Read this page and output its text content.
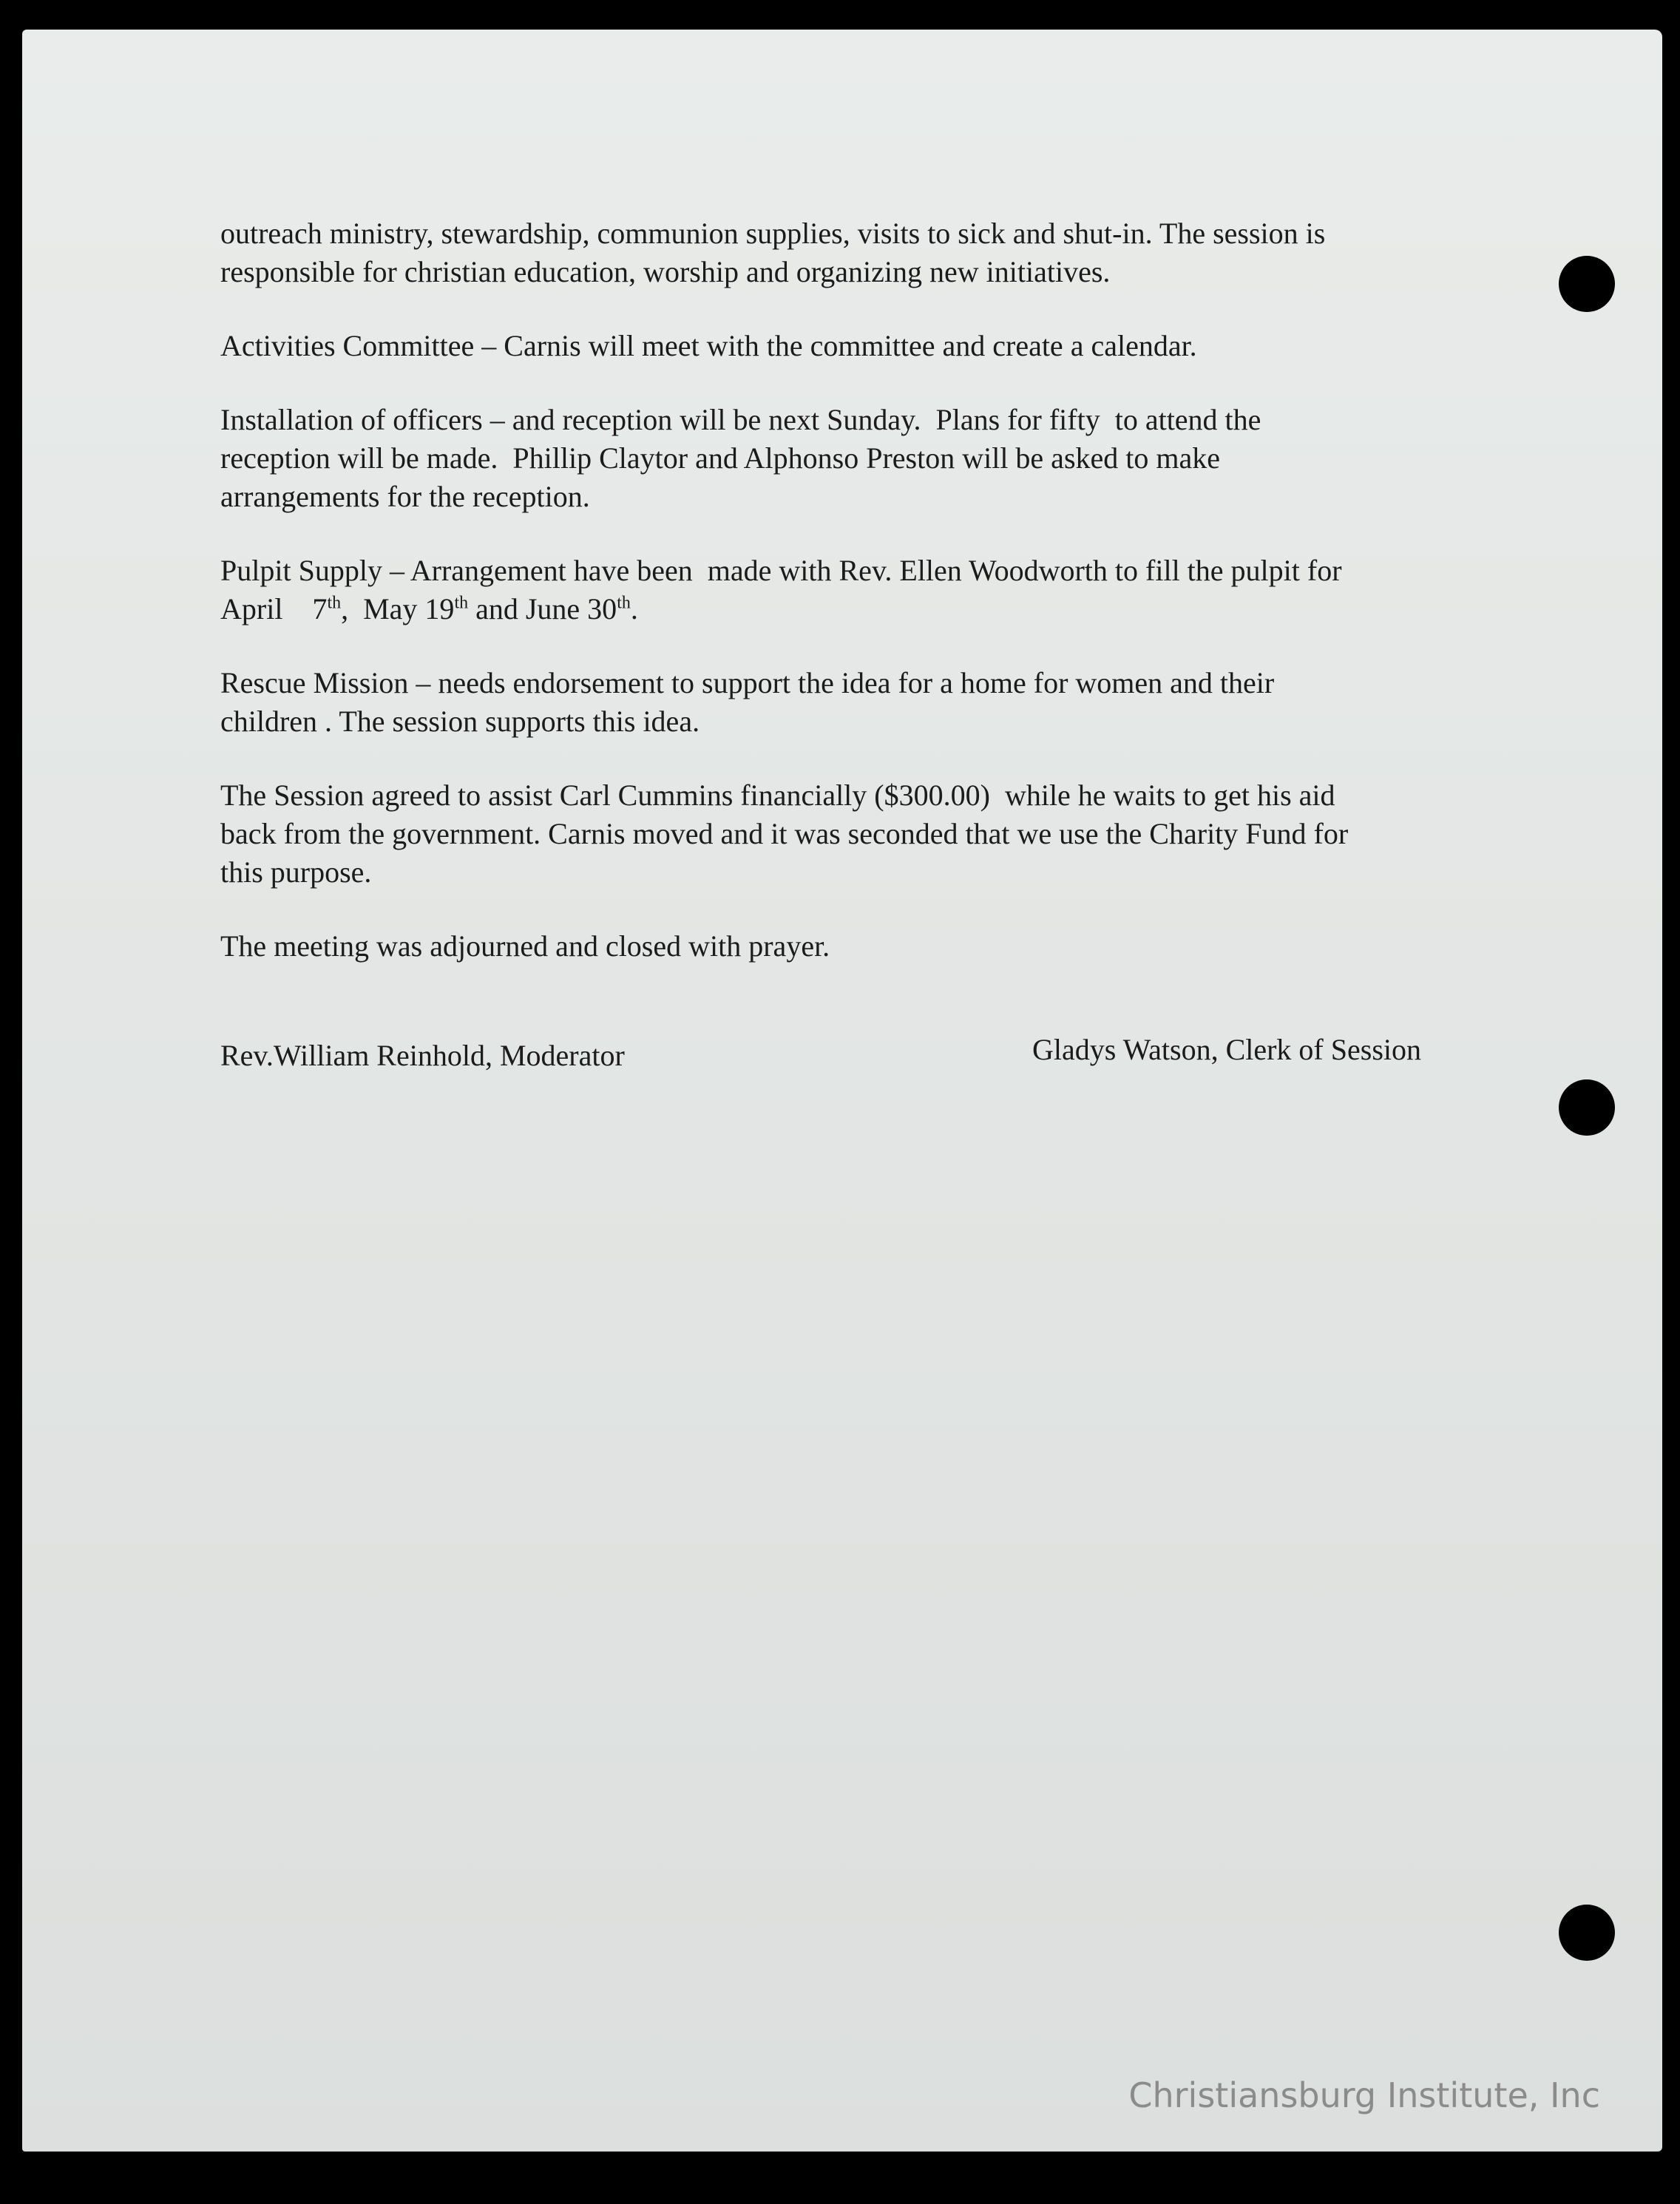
outreach ministry, stewardship, communion supplies, visits to sick and shut-in. The session is
responsible for christian education, worship and organizing new initiatives.

Activities Committee – Carnis will meet with the committee and create a calendar.

Installation of officers – and reception will be next Sunday.  Plans for fifty  to attend the
reception will be made.  Phillip Claytor and Alphonso Preston will be asked to make
arrangements for the reception.

Pulpit Supply – Arrangement have been  made with Rev. Ellen Woodworth to fill the pulpit for
April    7th,  May 19th and June 30th.

Rescue Mission – needs endorsement to support the idea for a home for women and their
children . The session supports this idea.

The Session agreed to assist Carl Cummins financially ($300.00)  while he waits to get his aid
back from the government. Carnis moved and it was seconded that we use the Charity Fund for
this purpose.

The meeting was adjourned and closed with prayer.

Rev.William Reinhold, Moderator	Gladys Watson, Clerk of Session
Christiansburg Institute, Inc
